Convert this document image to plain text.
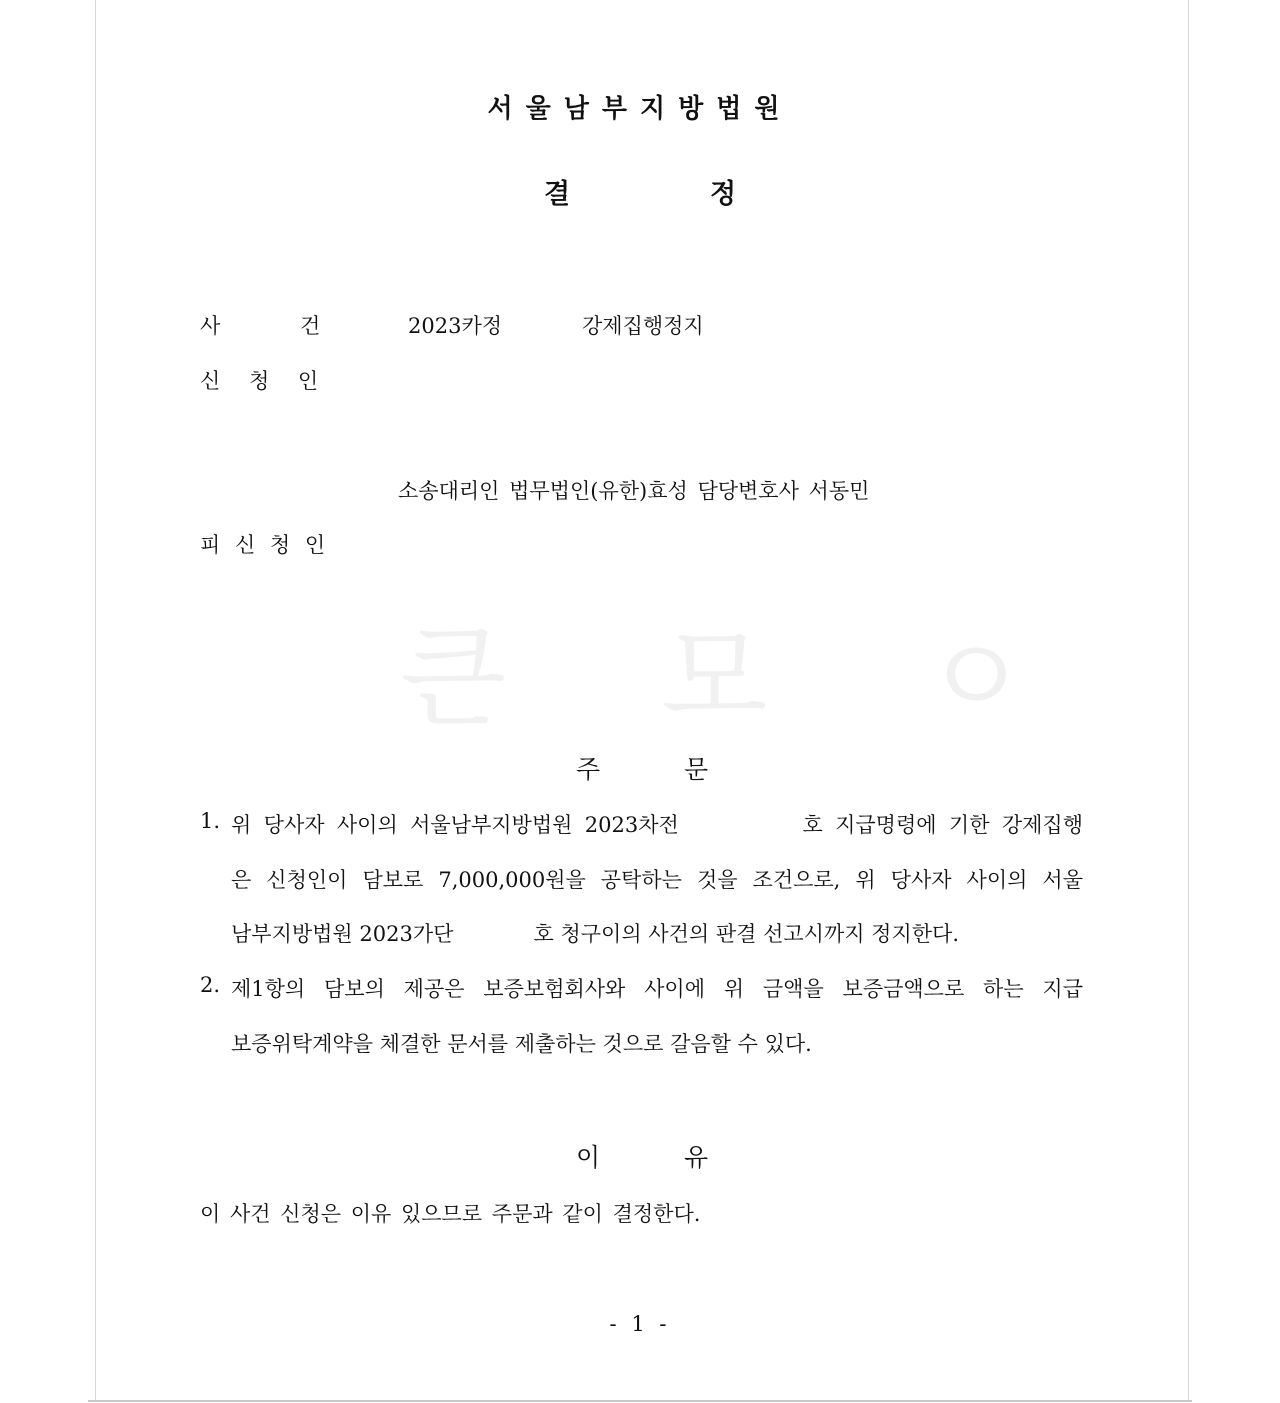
서울남부지방법원
결	정
사	건	2023카정	강제집행정지
신 청 인
소송대리인 법무법인(유한)효성 담당변호사 서동민
피 신 청 인
큰 모 ㅇ
주	문
1. 위 당사자 사이의 서울남부지방법원 2023차전          호 지급명령에 기한 강제집행
은 신청인이 담보로 7,000,000원을 공탁하는 것을 조건으로, 위 당사자 사이의 서울
남부지방법원 2023가단            호 청구이의 사건의 판결 선고시까지 정지한다.
2. 제1항의 담보의 제공은 보증보험회사와 사이에 위 금액을 보증금액으로 하는 지급
보증위탁계약을 체결한 문서를 제출하는 것으로 갈음할 수 있다.
이	유
이 사건 신청은 이유 있으므로 주문과 같이 결정한다.
- 1 -
